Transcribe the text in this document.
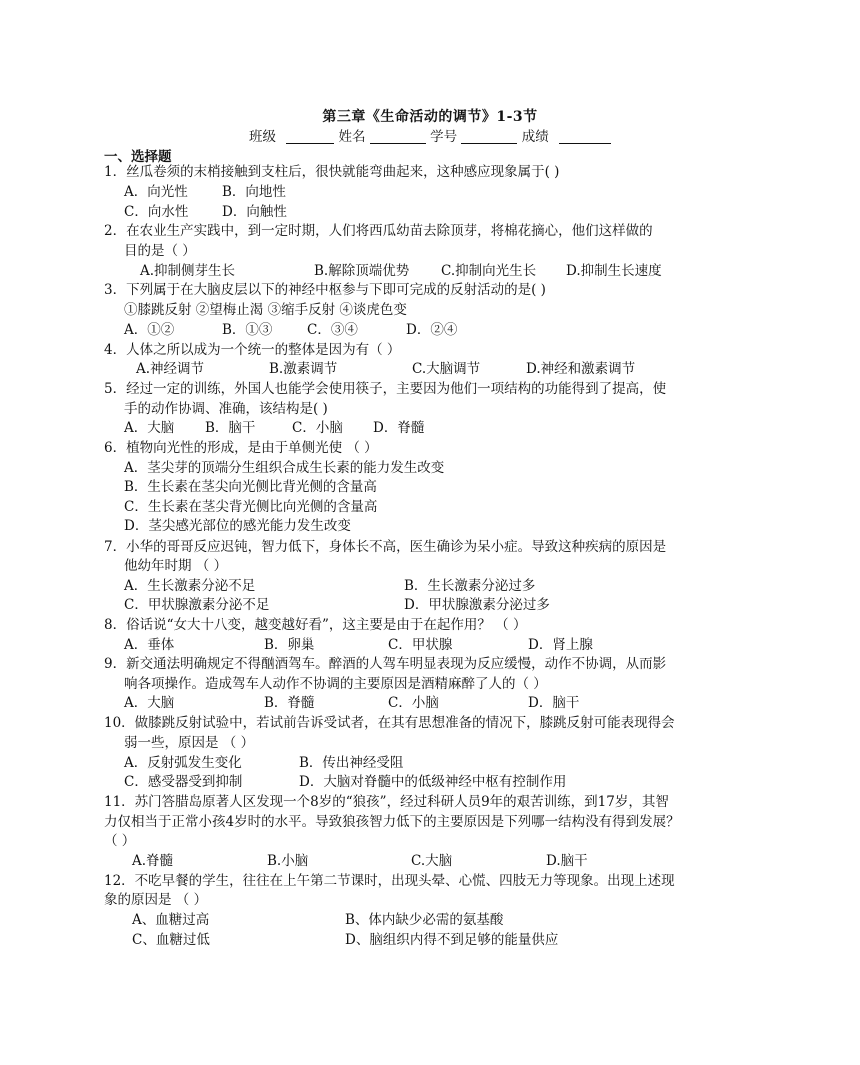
第三章《生命活动的调节》1-3节
班级	姓名	学号	成绩
一、选择题
1．丝瓜卷须的末梢接触到支柱后，很快就能弯曲起来，这种感应现象属于( )
A．向光性	B．向地性
C．向水性 D．向触性
2．在农业生产实践中，到一定时期，人们将西瓜幼苗去除顶芽，将棉花摘心，他们这样做的
目的是（ ）
A.抑制侧芽生长	B.解除顶端优势 C.抑制向光生长 D.抑制生长速度
3．下列属于在大脑皮层以下的神经中枢参与下即可完成的反射活动的是( )
①膝跳反射 ②望梅止渴 ③缩手反射 ④谈虎色变
A．①②	B．①③	C．③④	D．②④
4．人体之所以成为一个统一的整体是因为有（ ）
A.神经调节	B.激素调节	C.大脑调节	D.神经和激素调节
5．经过一定的训练，外国人也能学会使用筷子，主要因为他们一项结构的功能得到了提高，使
手的动作协调、准确，该结构是( )
A．大脑 B．脑干	C．小脑 D．脊髓
6．植物向光性的形成，是由于单侧光使 （ ）
A．茎尖芽的顶端分生组织合成生长素的能力发生改变
B．生长素在茎尖向光侧比背光侧的含量高
C．生长素在茎尖背光侧比向光侧的含量高
D．茎尖感光部位的感光能力发生改变
7．小华的哥哥反应迟钝，智力低下，身体长不高，医生确诊为呆小症。导致这种疾病的原因是
他幼年时期 （ ）
A．生长激素分泌不足	B．生长激素分泌过多
C．甲状腺激素分泌不足	D．甲状腺激素分泌过多
8．俗话说“女大十八变，越变越好看”，这主要是由于在起作用？ （ ）
A．垂体	B．卵巢	C．甲状腺	D．肾上腺
9．新交通法明确规定不得酗酒驾车。醉酒的人驾车明显表现为反应缓慢，动作不协调，从而影
响各项操作。造成驾车人动作不协调的主要原因是酒精麻醉了人的（ ）
A．大脑	B．脊髓	C．小脑	D．脑干
10．做膝跳反射试验中，若试前告诉受试者，在其有思想准备的情况下，膝跳反射可能表现得会
弱一些，原因是 （ ）
A．反射弧发生变化	B．传出神经受阻
C．感受器受到抑制	D．大脑对脊髓中的低级神经中枢有控制作用
11．苏门答腊岛原著人区发现一个8岁的“狼孩”，经过科研人员9年的艰苦训练，到17岁，其智
力仅相当于正常小孩4岁时的水平。导致狼孩智力低下的主要原因是下列哪一结构没有得到发展？
（ ）
A.脊髓	B.小脑	C.大脑	D.脑干
12．不吃早餐的学生，往往在上午第二节课时，出现头晕、心慌、四肢无力等现象。出现上述现
象的原因是 （ ）
A、血糖过高	B、体内缺少必需的氨基酸
C、血糖过低	D、脑组织内得不到足够的能量供应
